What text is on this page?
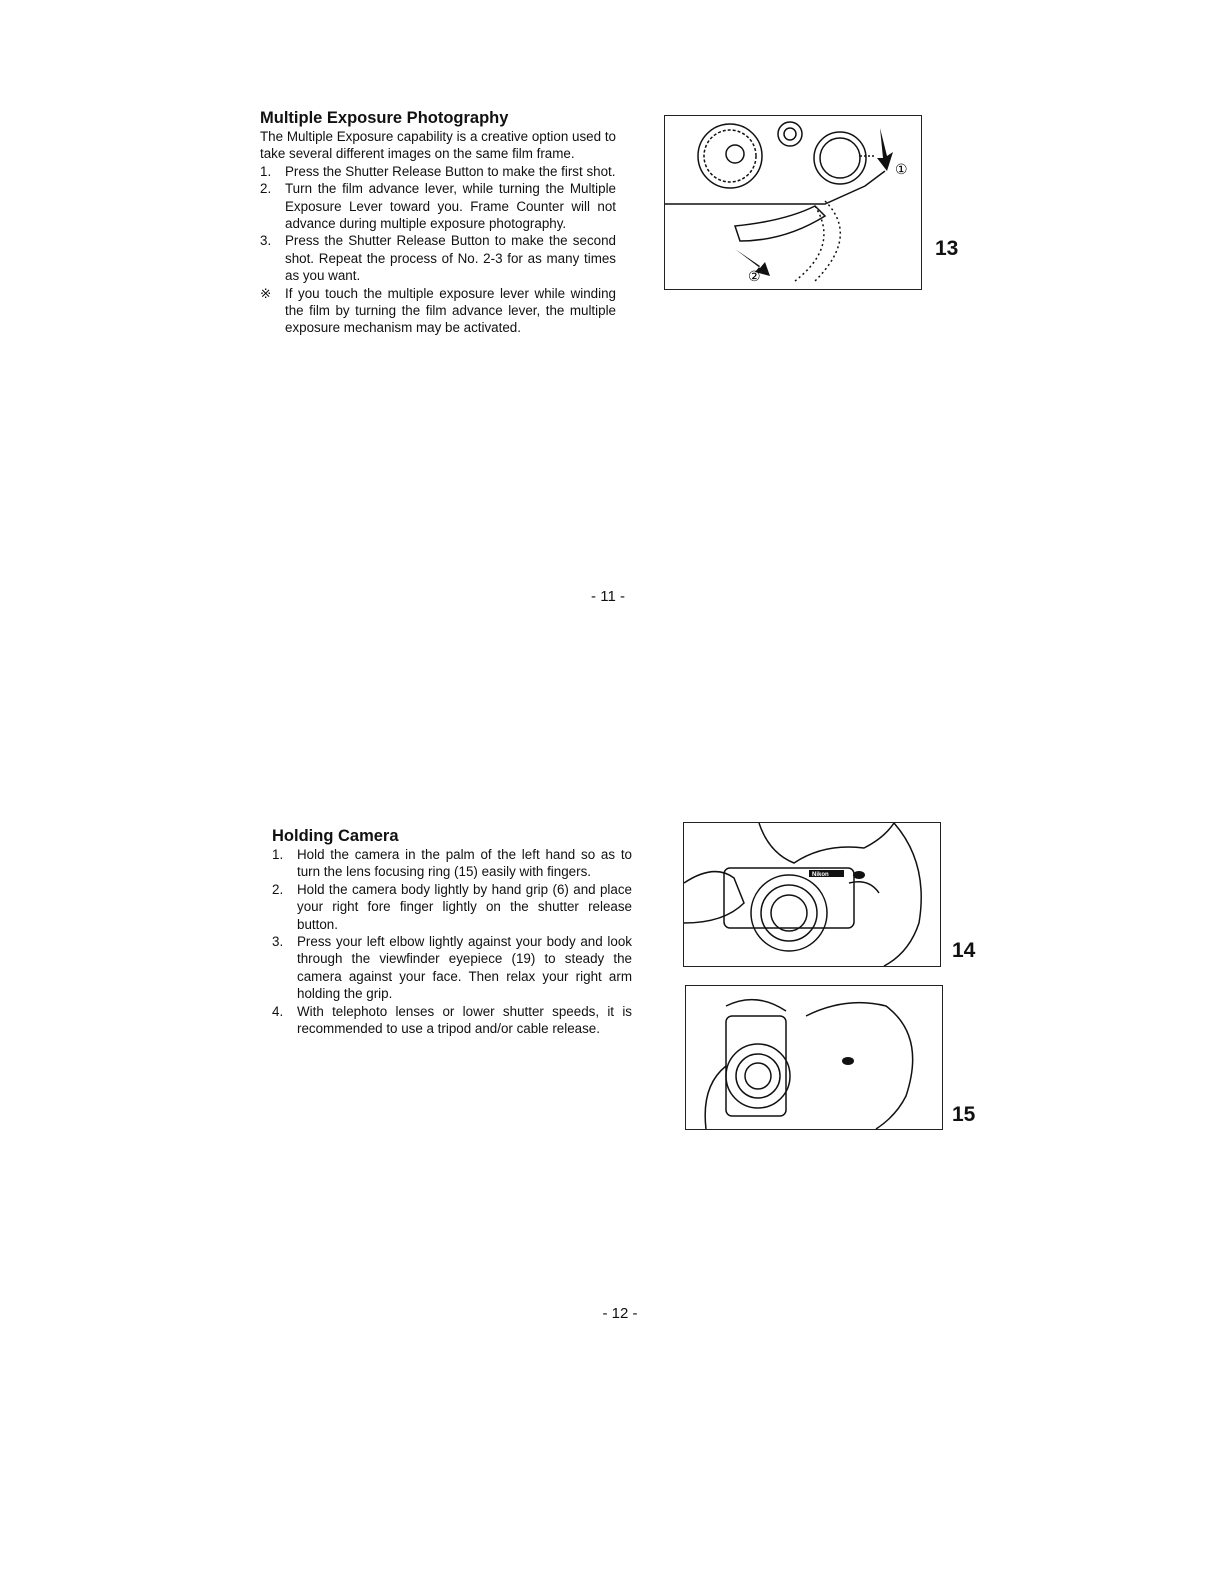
Multiple Exposure Photography

The Multiple Exposure capability is a creative option used to take several different images on the same film frame.

1. Press the Shutter Release Button to make the first shot.
2. Turn the film advance lever, while turning the Multiple Exposure Lever toward you. Frame Counter will not advance during multiple exposure photography.
3. Press the Shutter Release Button to make the second shot. Repeat the process of No. 2-3 for as many times as you want.
※ If you touch the multiple exposure lever while winding the film by turning the film advance lever, the multiple exposure mechanism may be activated.
②
①
13
- 11 -
Holding Camera
1. Hold the camera in the palm of the left hand so as to turn the lens focusing ring (15) easily with fingers.
2. Hold the camera body lightly by hand grip (6) and place your right fore finger lightly on the shutter release button.
3. Press your left elbow lightly against your body and look through the viewfinder eyepiece (19) to steady the camera against your face. Then relax your right arm holding the grip.
4. With telephoto lenses or lower shutter speeds, it is recommended to use a tripod and/or cable release.
Nikon
14
15
- 12 -
